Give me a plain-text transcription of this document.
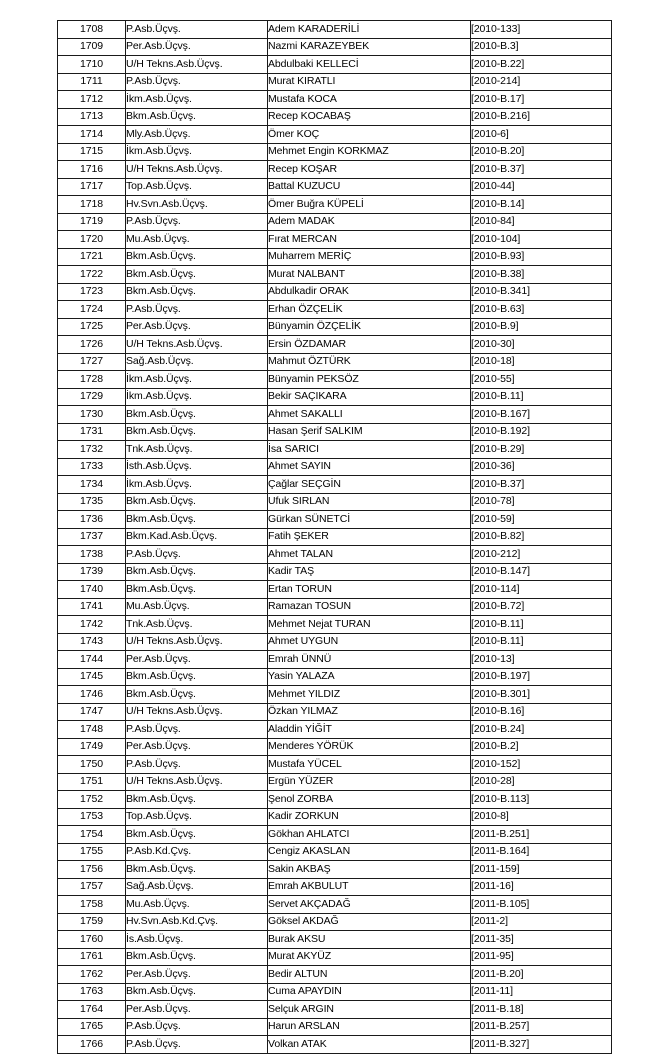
1708	P.Asb.Üçvş.	Adem KARADERİLİ	[2010-133]
1709	Per.Asb.Üçvş.	Nazmi KARAZEYBEK	[2010-B.3]
1710	U/H Tekns.Asb.Üçvş.	Abdulbaki KELLECİ	[2010-B.22]
1711	P.Asb.Üçvş.	Murat KIRATLI	[2010-214]
1712	İkm.Asb.Üçvş.	Mustafa KOCA	[2010-B.17]
1713	Bkm.Asb.Üçvş.	Recep KOCABAŞ	[2010-B.216]
1714	Mly.Asb.Üçvş.	Ömer KOÇ	[2010-6]
1715	İkm.Asb.Üçvş.	Mehmet Engin KORKMAZ	[2010-B.20]
1716	U/H Tekns.Asb.Üçvş.	Recep KOŞAR	[2010-B.37]
1717	Top.Asb.Üçvş.	Battal KUZUCU	[2010-44]
1718	Hv.Svn.Asb.Üçvş.	Ömer Buğra KÜPELİ	[2010-B.14]
1719	P.Asb.Üçvş.	Adem MADAK	[2010-84]
1720	Mu.Asb.Üçvş.	Fırat MERCAN	[2010-104]
1721	Bkm.Asb.Üçvş.	Muharrem MERİÇ	[2010-B.93]
1722	Bkm.Asb.Üçvş.	Murat NALBANT	[2010-B.38]
1723	Bkm.Asb.Üçvş.	Abdulkadir ORAK	[2010-B.341]
1724	P.Asb.Üçvş.	Erhan ÖZÇELİK	[2010-B.63]
1725	Per.Asb.Üçvş.	Bünyamin ÖZÇELİK	[2010-B.9]
1726	U/H Tekns.Asb.Üçvş.	Ersin ÖZDAMAR	[2010-30]
1727	Sağ.Asb.Üçvş.	Mahmut ÖZTÜRK	[2010-18]
1728	İkm.Asb.Üçvş.	Bünyamin PEKSÖZ	[2010-55]
1729	İkm.Asb.Üçvş.	Bekir SAÇIKARA	[2010-B.11]
1730	Bkm.Asb.Üçvş.	Ahmet SAKALLI	[2010-B.167]
1731	Bkm.Asb.Üçvş.	Hasan Şerif SALKIM	[2010-B.192]
1732	Tnk.Asb.Üçvş.	İsa SARICI	[2010-B.29]
1733	İsth.Asb.Üçvş.	Ahmet SAYIN	[2010-36]
1734	İkm.Asb.Üçvş.	Çağlar SEÇGİN	[2010-B.37]
1735	Bkm.Asb.Üçvş.	Ufuk SIRLAN	[2010-78]
1736	Bkm.Asb.Üçvş.	Gürkan SÜNETCİ	[2010-59]
1737	Bkm.Kad.Asb.Üçvş.	Fatih ŞEKER	[2010-B.82]
1738	P.Asb.Üçvş.	Ahmet TALAN	[2010-212]
1739	Bkm.Asb.Üçvş.	Kadir TAŞ	[2010-B.147]
1740	Bkm.Asb.Üçvş.	Ertan TORUN	[2010-114]
1741	Mu.Asb.Üçvş.	Ramazan TOSUN	[2010-B.72]
1742	Tnk.Asb.Üçvş.	Mehmet Nejat TURAN	[2010-B.11]
1743	U/H Tekns.Asb.Üçvş.	Ahmet UYGUN	[2010-B.11]
1744	Per.Asb.Üçvş.	Emrah ÜNNÜ	[2010-13]
1745	Bkm.Asb.Üçvş.	Yasin YALAZA	[2010-B.197]
1746	Bkm.Asb.Üçvş.	Mehmet YILDIZ	[2010-B.301]
1747	U/H Tekns.Asb.Üçvş.	Özkan YILMAZ	[2010-B.16]
1748	P.Asb.Üçvş.	Aladdin YİĞİT	[2010-B.24]
1749	Per.Asb.Üçvş.	Menderes YÖRÜK	[2010-B.2]
1750	P.Asb.Üçvş.	Mustafa YÜCEL	[2010-152]
1751	U/H Tekns.Asb.Üçvş.	Ergün YÜZER	[2010-28]
1752	Bkm.Asb.Üçvş.	Şenol ZORBA	[2010-B.113]
1753	Top.Asb.Üçvş.	Kadir ZORKUN	[2010-8]
1754	Bkm.Asb.Üçvş.	Gökhan AHLATCI	[2011-B.251]
1755	P.Asb.Kd.Çvş.	Cengiz AKASLAN	[2011-B.164]
1756	Bkm.Asb.Üçvş.	Sakin AKBAŞ	[2011-159]
1757	Sağ.Asb.Üçvş.	Emrah AKBULUT	[2011-16]
1758	Mu.Asb.Üçvş.	Servet AKÇADAĞ	[2011-B.105]
1759	Hv.Svn.Asb.Kd.Çvş.	Göksel AKDAĞ	[2011-2]
1760	İs.Asb.Üçvş.	Burak AKSU	[2011-35]
1761	Bkm.Asb.Üçvş.	Murat AKYÜZ	[2011-95]
1762	Per.Asb.Üçvş.	Bedir ALTUN	[2011-B.20]
1763	Bkm.Asb.Üçvş.	Cuma APAYDIN	[2011-11]
1764	Per.Asb.Üçvş.	Selçuk ARGIN	[2011-B.18]
1765	P.Asb.Üçvş.	Harun ARSLAN	[2011-B.257]
1766	P.Asb.Üçvş.	Volkan ATAK	[2011-B.327]
